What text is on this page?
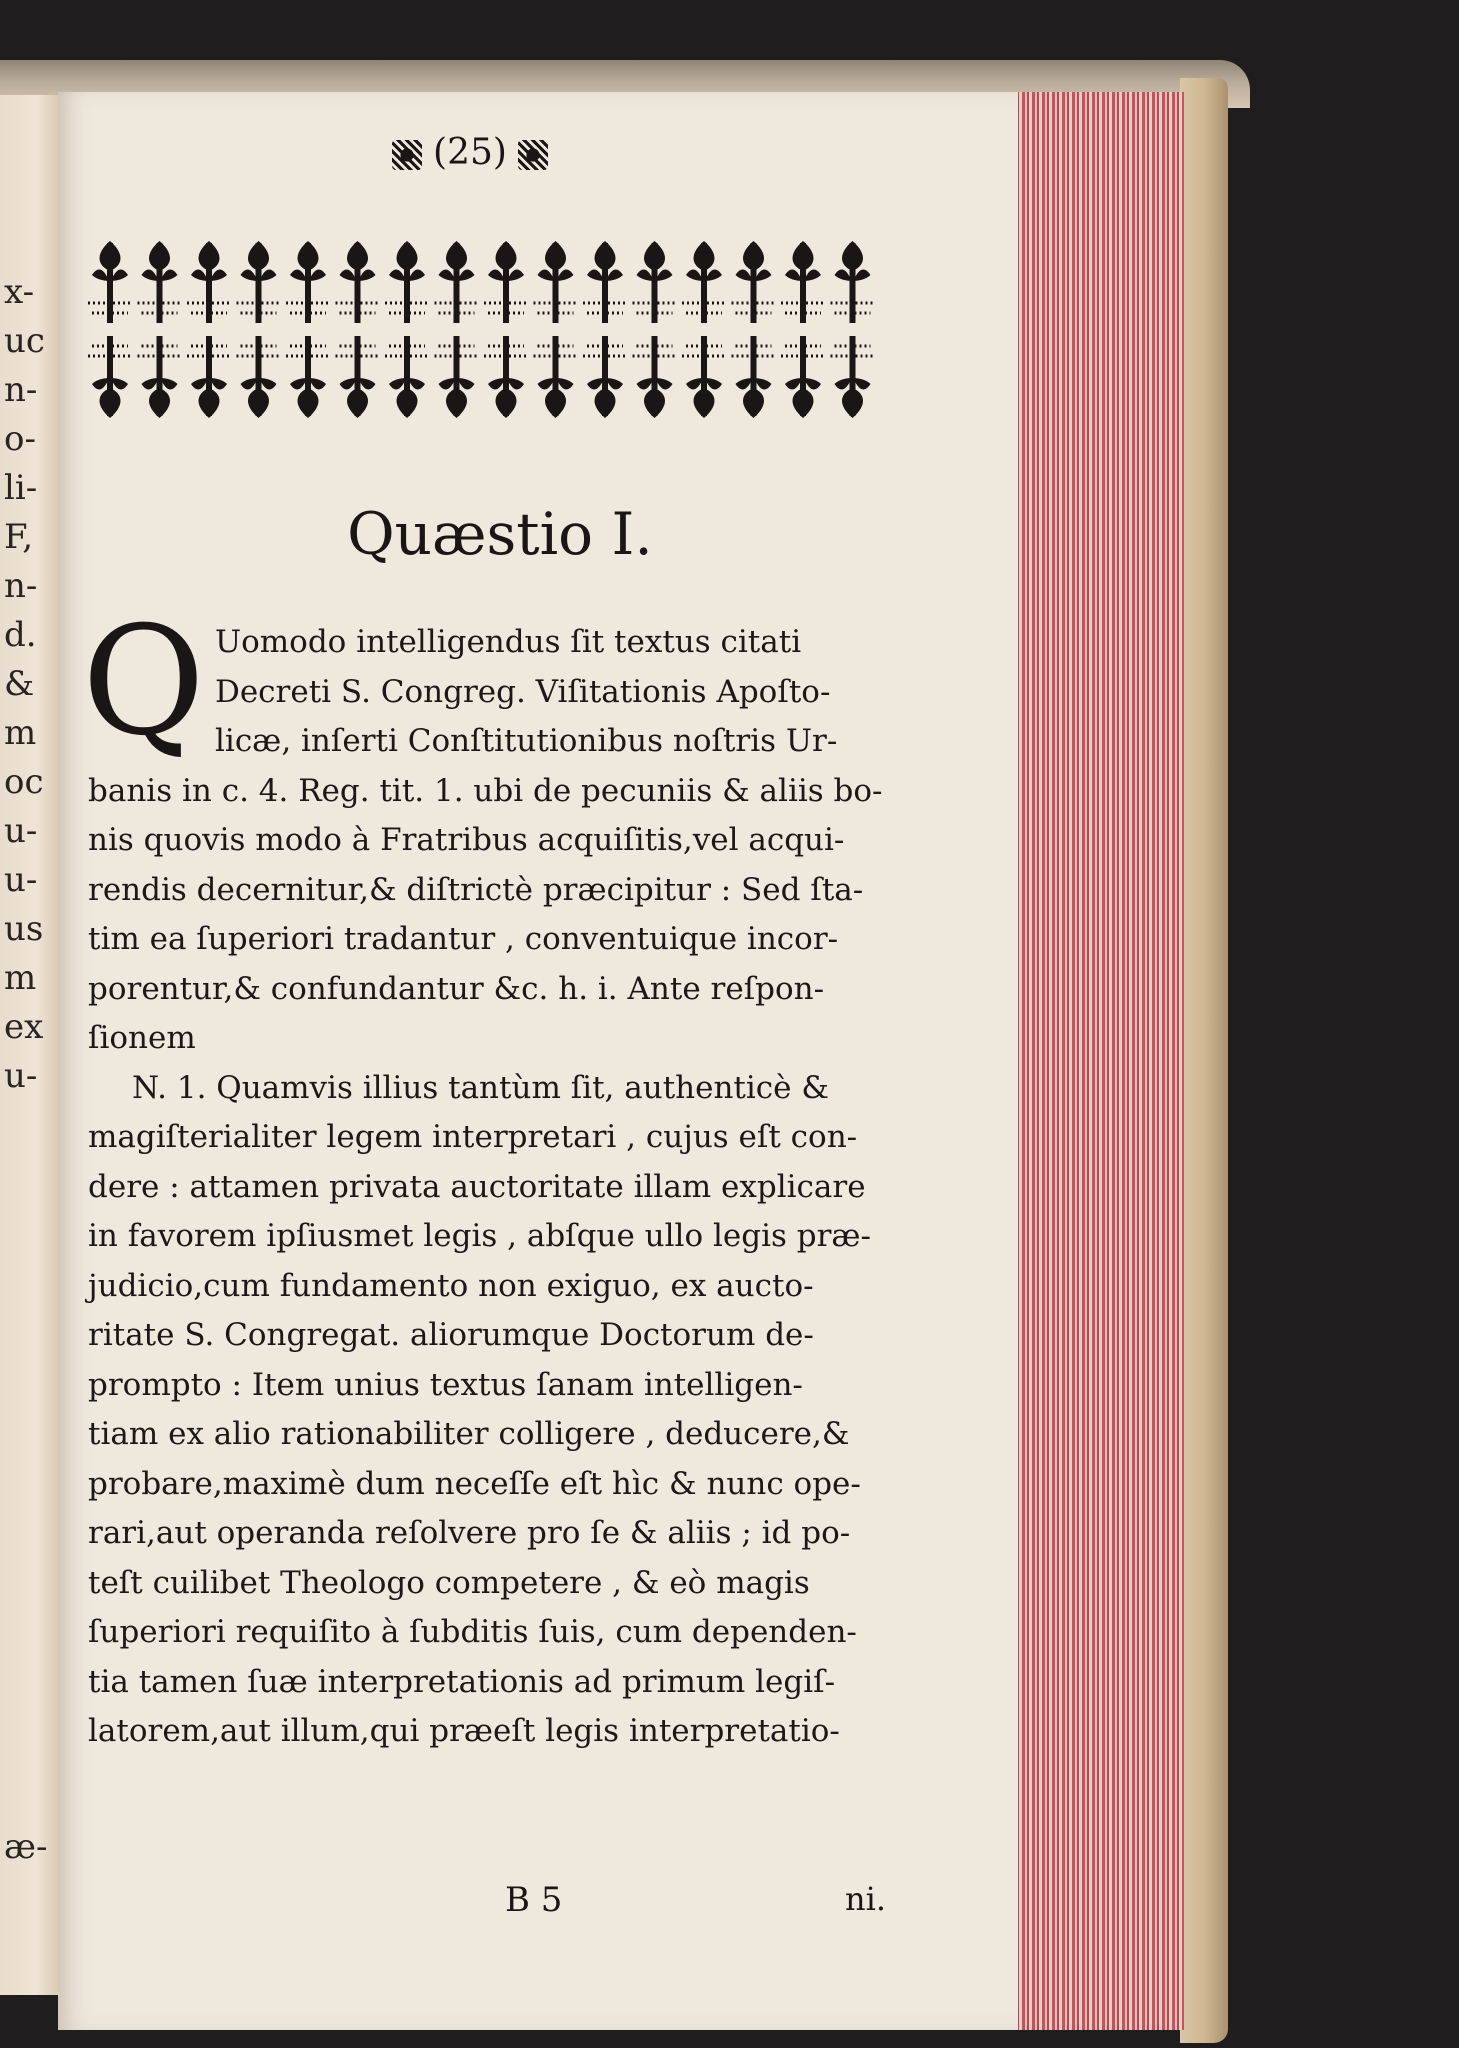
x-
uc
n-
o-
li-
F,
n-
d.
&
m
oc
u-
u-
us
m
ex
u-
æ-
(25)
Quæstio I.
Q Uomodo intelligendus ſit textus citati
Decreti S. Congreg. Viſitationis Apoſto-
licæ, inſerti Conſtitutionibus noſtris Ur-
banis in c. 4. Reg. tit. 1. ubi de pecuniis & aliis bo-
nis quovis modo à Fratribus acquiſitis,vel acqui-
rendis decernitur,& diſtrictè præcipitur : Sed ſta-
tim ea ſuperiori tradantur , conventuique incor-
porentur,& confundantur &c. h. i. Ante reſpon-
ſionem
N. 1. Quamvis illius tantùm ſit, authenticè &
magiſterialiter legem interpretari , cujus eſt con-
dere : attamen privata auctoritate illam explicare
in favorem ipſiusmet legis , abſque ullo legis præ-
judicio,cum fundamento non exiguo, ex aucto-
ritate S. Congregat. aliorumque Doctorum de-
prompto : Item unius textus ſanam intelligen-
tiam ex alio rationabiliter colligere , deducere,&
probare,maximè dum neceſſe eſt hìc & nunc ope-
rari,aut operanda reſolvere pro ſe & aliis ; id po-
teſt cuilibet Theologo competere , & eò magis
ſuperiori requiſito à ſubditis ſuis, cum dependen-
tia tamen ſuæ interpretationis ad primum legiſ-
latorem,aut illum,qui præeſt legis interpretatio-
B 5	ni.
